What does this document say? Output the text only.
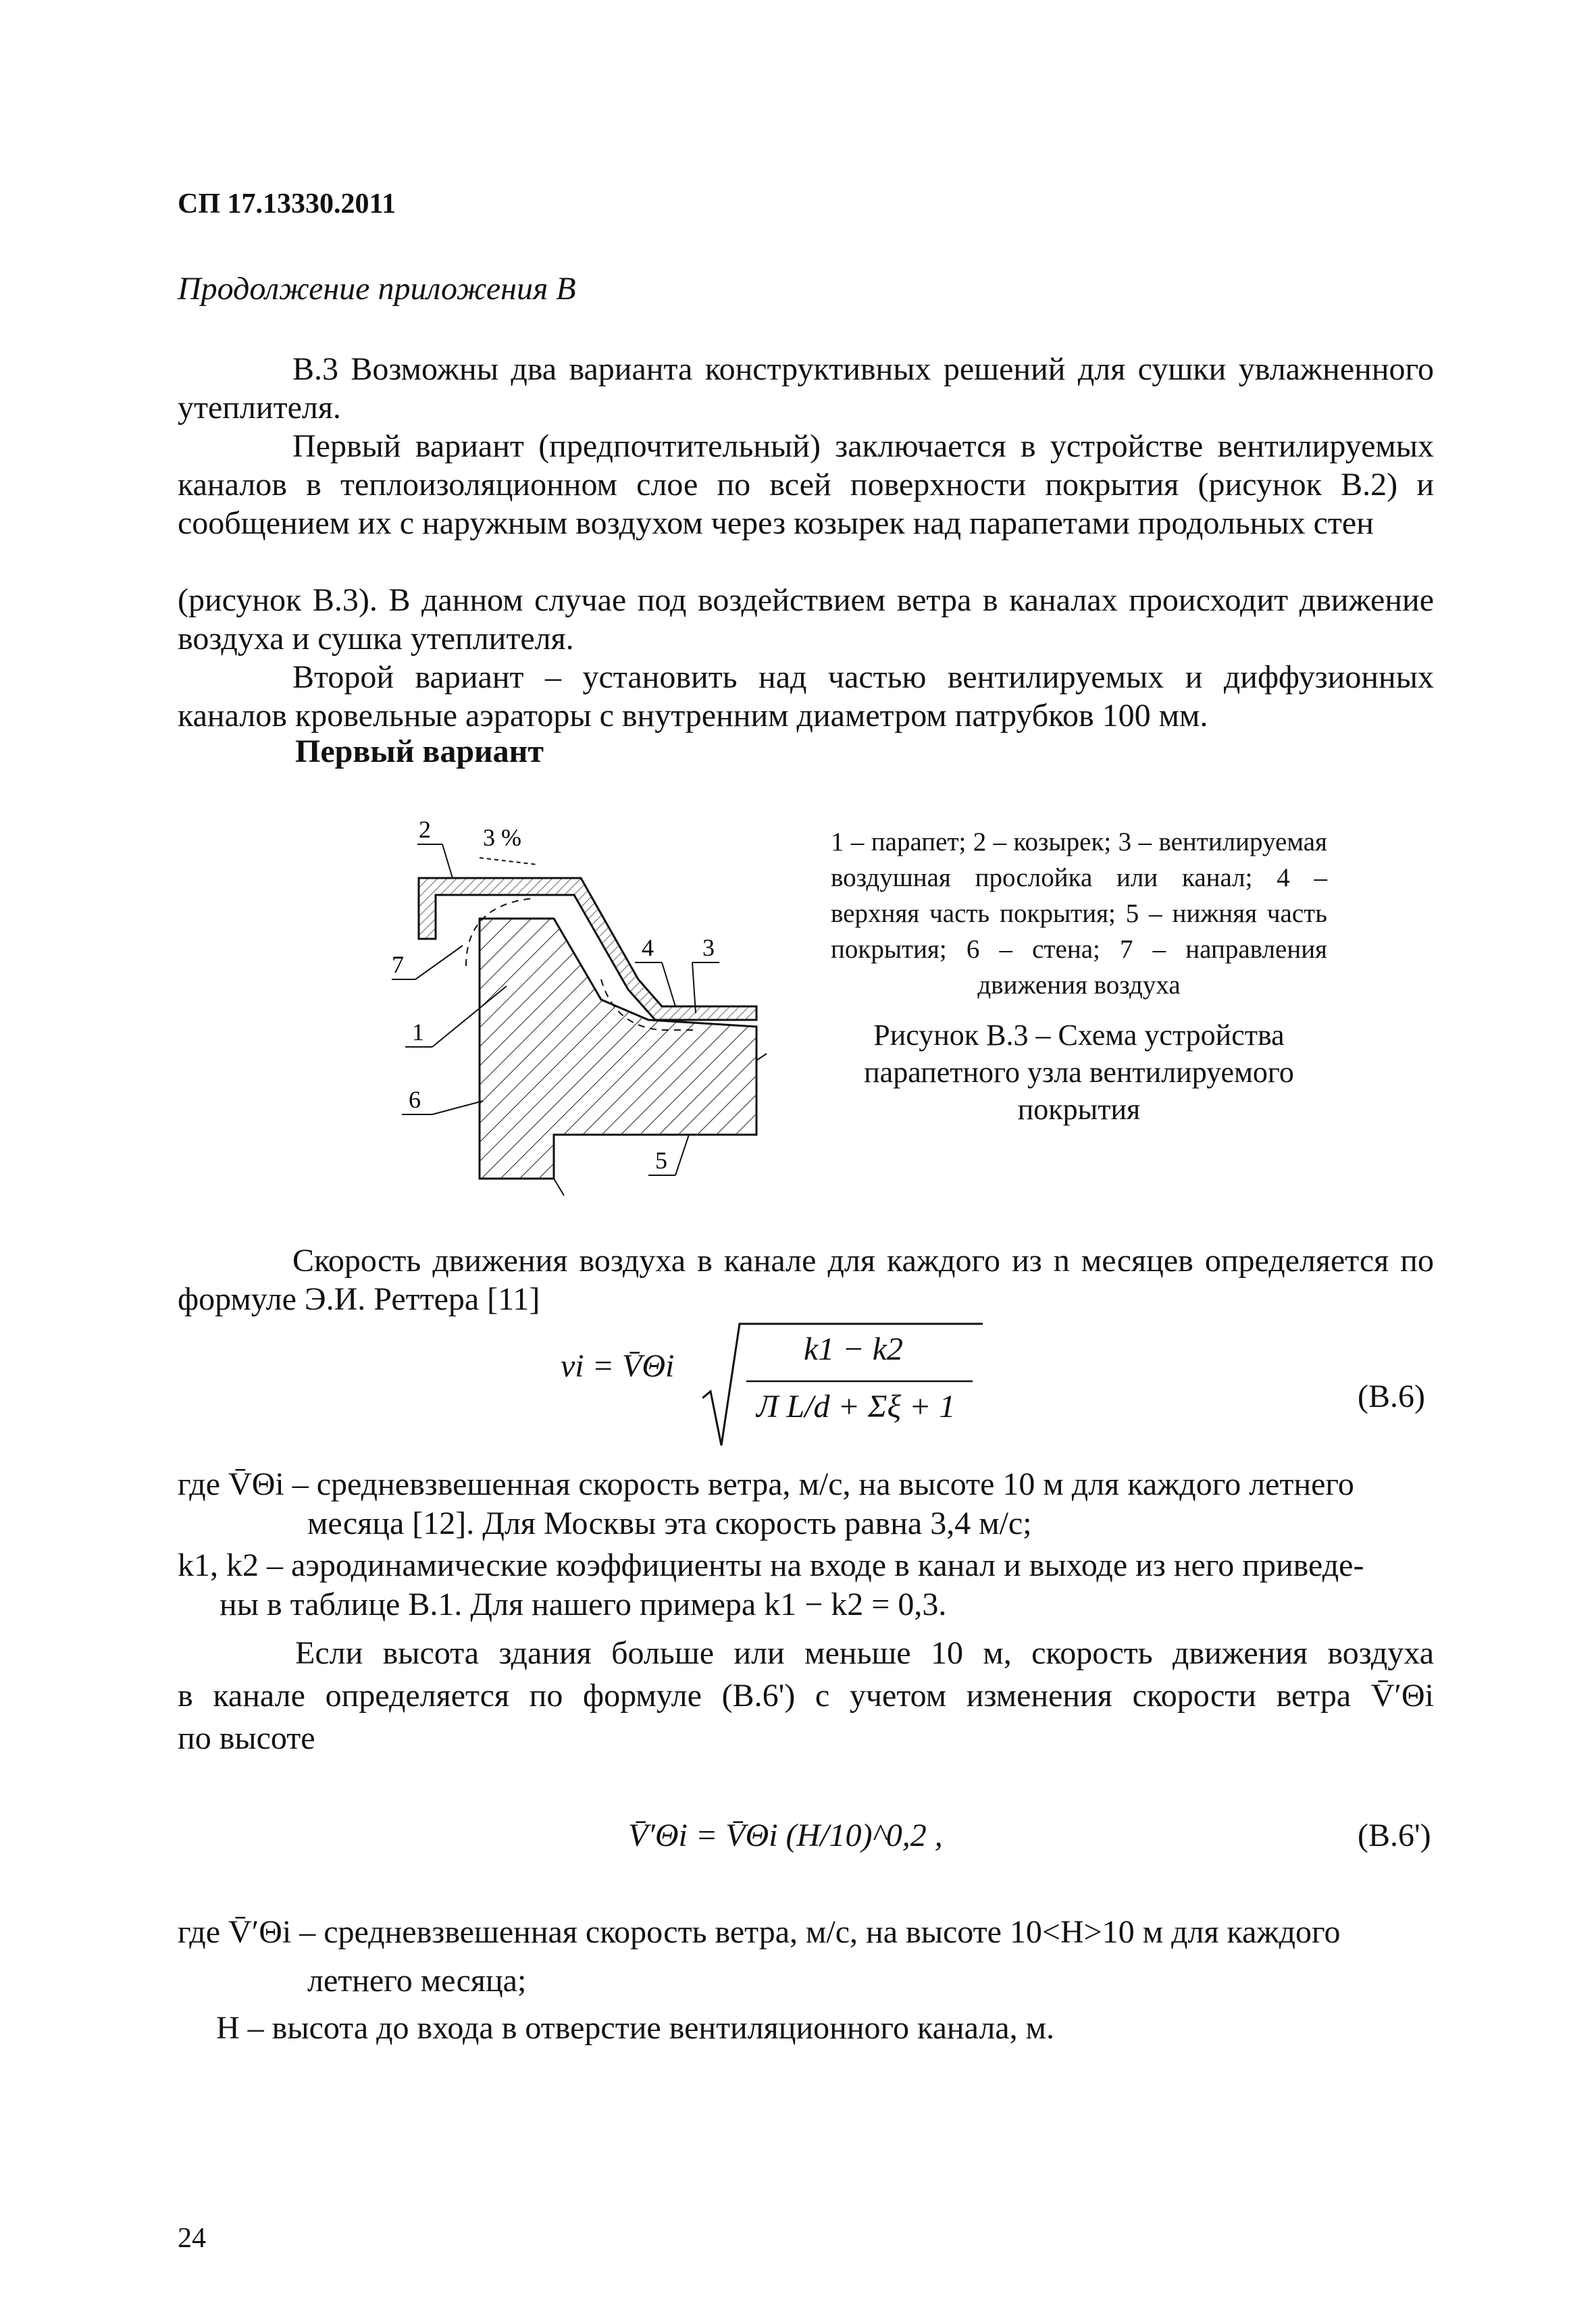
СП 17.13330.2011
Продолжение приложения В
В.3 Возможны два варианта конструктивных решений для сушки увлажненного утеплителя.
Первый вариант (предпочтительный) заключается в устройстве вентилируемых каналов в теплоизоляционном слое по всей поверхности покрытия (рисунок В.2) и сообщением их с наружным воздухом через козырек над парапетами продольных стен
(рисунок В.3). В данном случае под воздействием ветра в каналах происходит движение воздуха и сушка утеплителя.
Второй вариант – установить над частью вентилируемых и диффузионных каналов кровельные аэраторы с внутренним диаметром патрубков 100 мм.
Первый вариант
3 %
2
4 3
7
1
6
5
1 – парапет; 2 – козырек; 3 – вентилируемая воздушная прослойка или канал; 4 – верхняя часть покрытия; 5 – нижняя часть покрытия; 6 – стена; 7 – направления движения воздуха
Рисунок В.3 – Схема устройства парапетного узла вентилируемого покрытия
Скорость движения воздуха в канале для каждого из n месяцев определяется по формуле Э.И. Реттера [11]
vi = V̄Θi	k1 − k2
Л L/d + Σξ + 1	(В.6)
где V̄Θi – средневзвешенная скорость ветра, м/с, на высоте 10 м для каждого летнего
месяца [12]. Для Москвы эта скорость равна 3,4 м/с;
k1, k2 – аэродинамические коэффициенты на входе в канал и выходе из него приведе-
ны в таблице В.1. Для нашего примера k1 − k2 = 0,3.
Если высота здания больше или меньше 10 м, скорость движения воздуха
в канале определяется по формуле (В.6') с учетом изменения скорости ветра V̄′Θi
по высоте
V̄′Θi = V̄Θi (H/10)^0,2 ,	(В.6')
где V̄′Θi – средневзвешенная скорость ветра, м/с, на высоте 10<H>10 м для каждого
летнего месяца;
H – высота до входа в отверстие вентиляционного канала, м.
24
